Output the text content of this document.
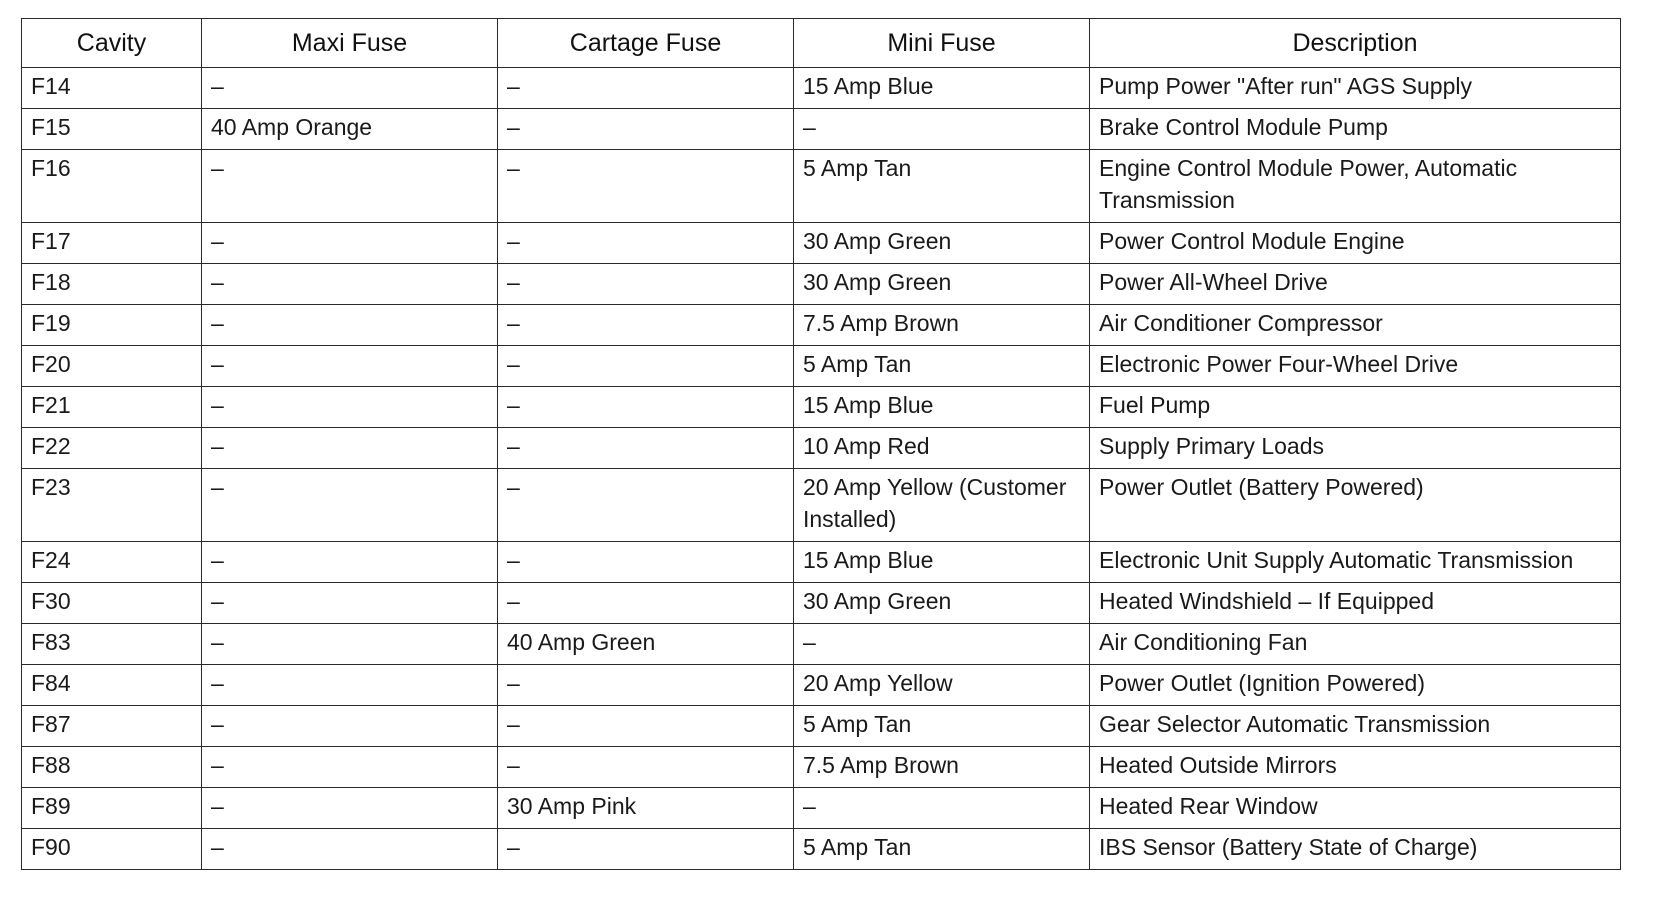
Cavity	Maxi Fuse	Cartage Fuse	Mini Fuse	Description
F14	–	–	15 Amp Blue	Pump Power "After run" AGS Supply
F15	40 Amp Orange	–	–	Brake Control Module Pump
F16	–	–	5 Amp Tan	Engine Control Module Power, Automatic Transmission
F17	–	–	30 Amp Green	Power Control Module Engine
F18	–	–	30 Amp Green	Power All-Wheel Drive
F19	–	–	7.5 Amp Brown	Air Conditioner Compressor
F20	–	–	5 Amp Tan	Electronic Power Four-Wheel Drive
F21	–	–	15 Amp Blue	Fuel Pump
F22	–	–	10 Amp Red	Supply Primary Loads
F23	–	–	20 Amp Yellow (Customer Installed)	Power Outlet (Battery Powered)
F24	–	–	15 Amp Blue	Electronic Unit Supply Automatic Transmission
F30	–	–	30 Amp Green	Heated Windshield – If Equipped
F83	–	40 Amp Green	–	Air Conditioning Fan
F84	–	–	20 Amp Yellow	Power Outlet (Ignition Powered)
F87	–	–	5 Amp Tan	Gear Selector Automatic Transmission
F88	–	–	7.5 Amp Brown	Heated Outside Mirrors
F89	–	30 Amp Pink	–	Heated Rear Window
F90	–	–	5 Amp Tan	IBS Sensor (Battery State of Charge)
